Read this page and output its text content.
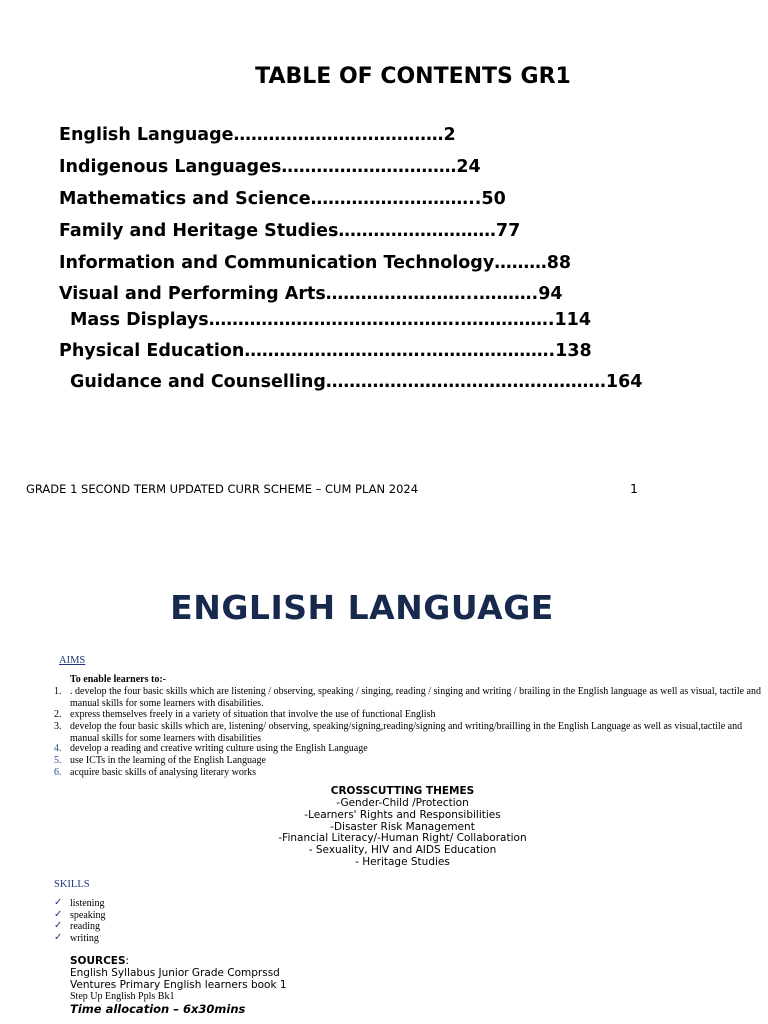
TABLE OF CONTENTS GR1
English Language………………………………2
Indigenous Languages…………………………24
Mathematics and Science………………………..50
Family and Heritage Studies………………………77
Information and Communication Technology………88
Visual and Performing Arts……………………..……….94
Mass Displays…………………………………….…………….114
Physical Education………………………….………………….138
Guidance and Counselling…………………………………………164
GRADE 1 SECOND TERM UPDATED CURR SCHEME – CUM PLAN 2024	1
ENGLISH LANGUAGE
AIMS
To enable learners to:-
1. . develop the four basic skills which are listening / observing, speaking / singing, reading / singing and writing / brailing in the English language as well as visual, tactile and manual skills for some learners with disabilities.
2. express themselves freely in a variety of situation that involve the use of functional English
3. develop the four basic skills which are, listening/ observing, speaking/signing,reading/signing and writing/brailling in the English Language as well as visual,tactile and manual skills for some learners with disabilities
4. develop a reading and creative writing culture using the English Language
5. use ICTs in the learning of the English Language
6. acquire basic skills of analysing literary works
CROSSCUTTING THEMES
-Gender-Child /Protection
-Learners' Rights and Responsibilities
-Disaster Risk Management
-Financial Literacy/-Human Right/ Collaboration
- Sexuality, HIV and AIDS Education
- Heritage Studies
SKILLS
✓ listening
✓ speaking
✓ reading
✓ writing
SOURCES:
English Syllabus Junior Grade Comprssd
Ventures Primary English learners book 1
Step Up English Ppls Bk1
Time allocation – 6x30mins
